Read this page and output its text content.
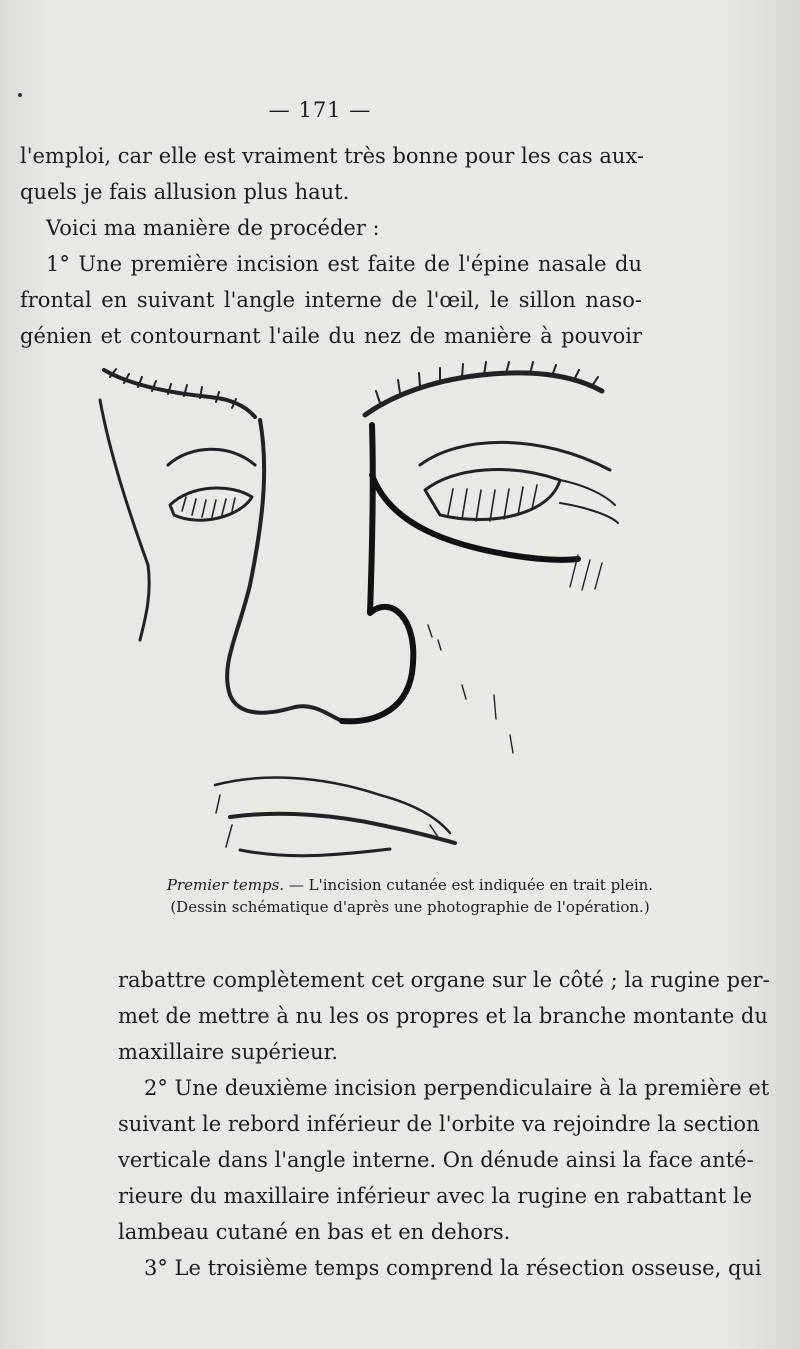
— 171 —
l'emploi, car elle est vraiment très bonne pour les cas aux-
quels je fais allusion plus haut.
Voici ma manière de procéder :
1° Une première incision est faite de l'épine nasale du
frontal en suivant l'angle interne de l'œil, le sillon naso-
génien et contournant l'aile du nez de manière à pouvoir
Premier temps. — L'incision cutanée est indiquée en trait plein.
(Dessin schématique d'après une photographie de l'opération.)
rabattre complètement cet organe sur le côté ; la rugine per-
met de mettre à nu les os propres et la branche montante du
maxillaire supérieur.
2° Une deuxième incision perpendiculaire à la première et
suivant le rebord inférieur de l'orbite va rejoindre la section
verticale dans l'angle interne. On dénude ainsi la face anté-
rieure du maxillaire inférieur avec la rugine en rabattant le
lambeau cutané en bas et en dehors.
3° Le troisième temps comprend la résection osseuse, qui
